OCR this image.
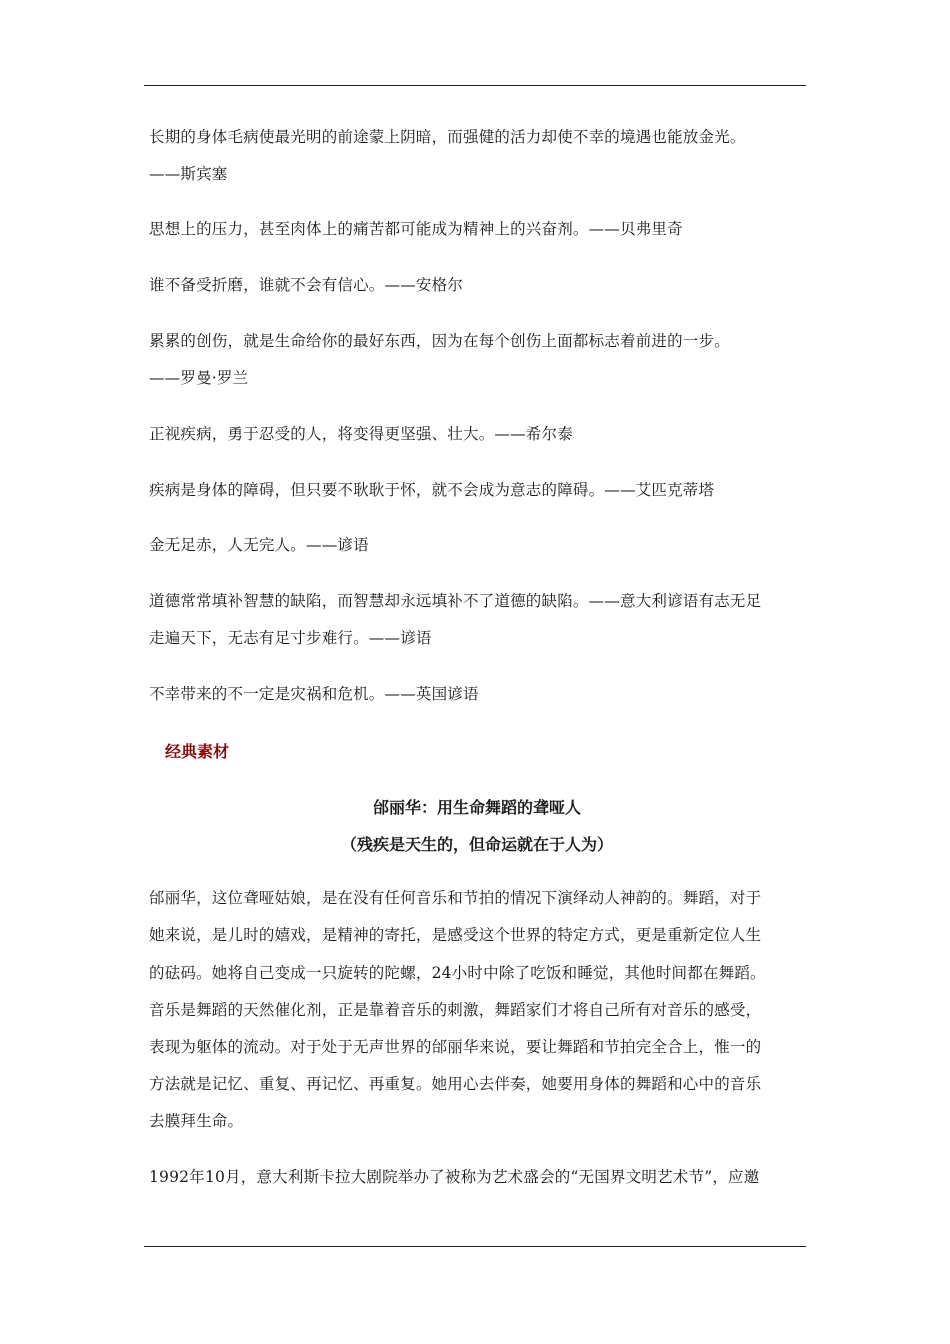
长期的身体毛病使最光明的前途蒙上阴暗，而强健的活力却使不幸的境遇也能放金光。
——斯宾塞
思想上的压力，甚至肉体上的痛苦都可能成为精神上的兴奋剂。——贝弗里奇
谁不备受折磨，谁就不会有信心。——安格尔
累累的创伤，就是生命给你的最好东西，因为在每个创伤上面都标志着前进的一步。
——罗曼·罗兰
正视疾病，勇于忍受的人，将变得更坚强、壮大。——希尔泰
疾病是身体的障碍，但只要不耿耿于怀，就不会成为意志的障碍。——艾匹克蒂塔
金无足赤，人无完人。——谚语
道德常常填补智慧的缺陷，而智慧却永远填补不了道德的缺陷。——意大利谚语有志无足
走遍天下，无志有足寸步难行。——谚语
不幸带来的不一定是灾祸和危机。——英国谚语
经典素材
邰丽华：用生命舞蹈的聋哑人
（残疾是天生的，但命运就在于人为）
邰丽华，这位聋哑姑娘，是在没有任何音乐和节拍的情况下演绎动人神韵的。舞蹈，对于
她来说，是儿时的嬉戏，是精神的寄托，是感受这个世界的特定方式，更是重新定位人生
的砝码。她将自己变成一只旋转的陀螺，24小时中除了吃饭和睡觉，其他时间都在舞蹈。
音乐是舞蹈的天然催化剂，正是靠着音乐的刺激，舞蹈家们才将自己所有对音乐的感受，
表现为躯体的流动。对于处于无声世界的邰丽华来说，要让舞蹈和节拍完全合上，惟一的
方法就是记忆、重复、再记忆、再重复。她用心去伴奏，她要用身体的舞蹈和心中的音乐
去膜拜生命。
1992年10月，意大利斯卡拉大剧院举办了被称为艺术盛会的“无国界文明艺术节”，应邀
